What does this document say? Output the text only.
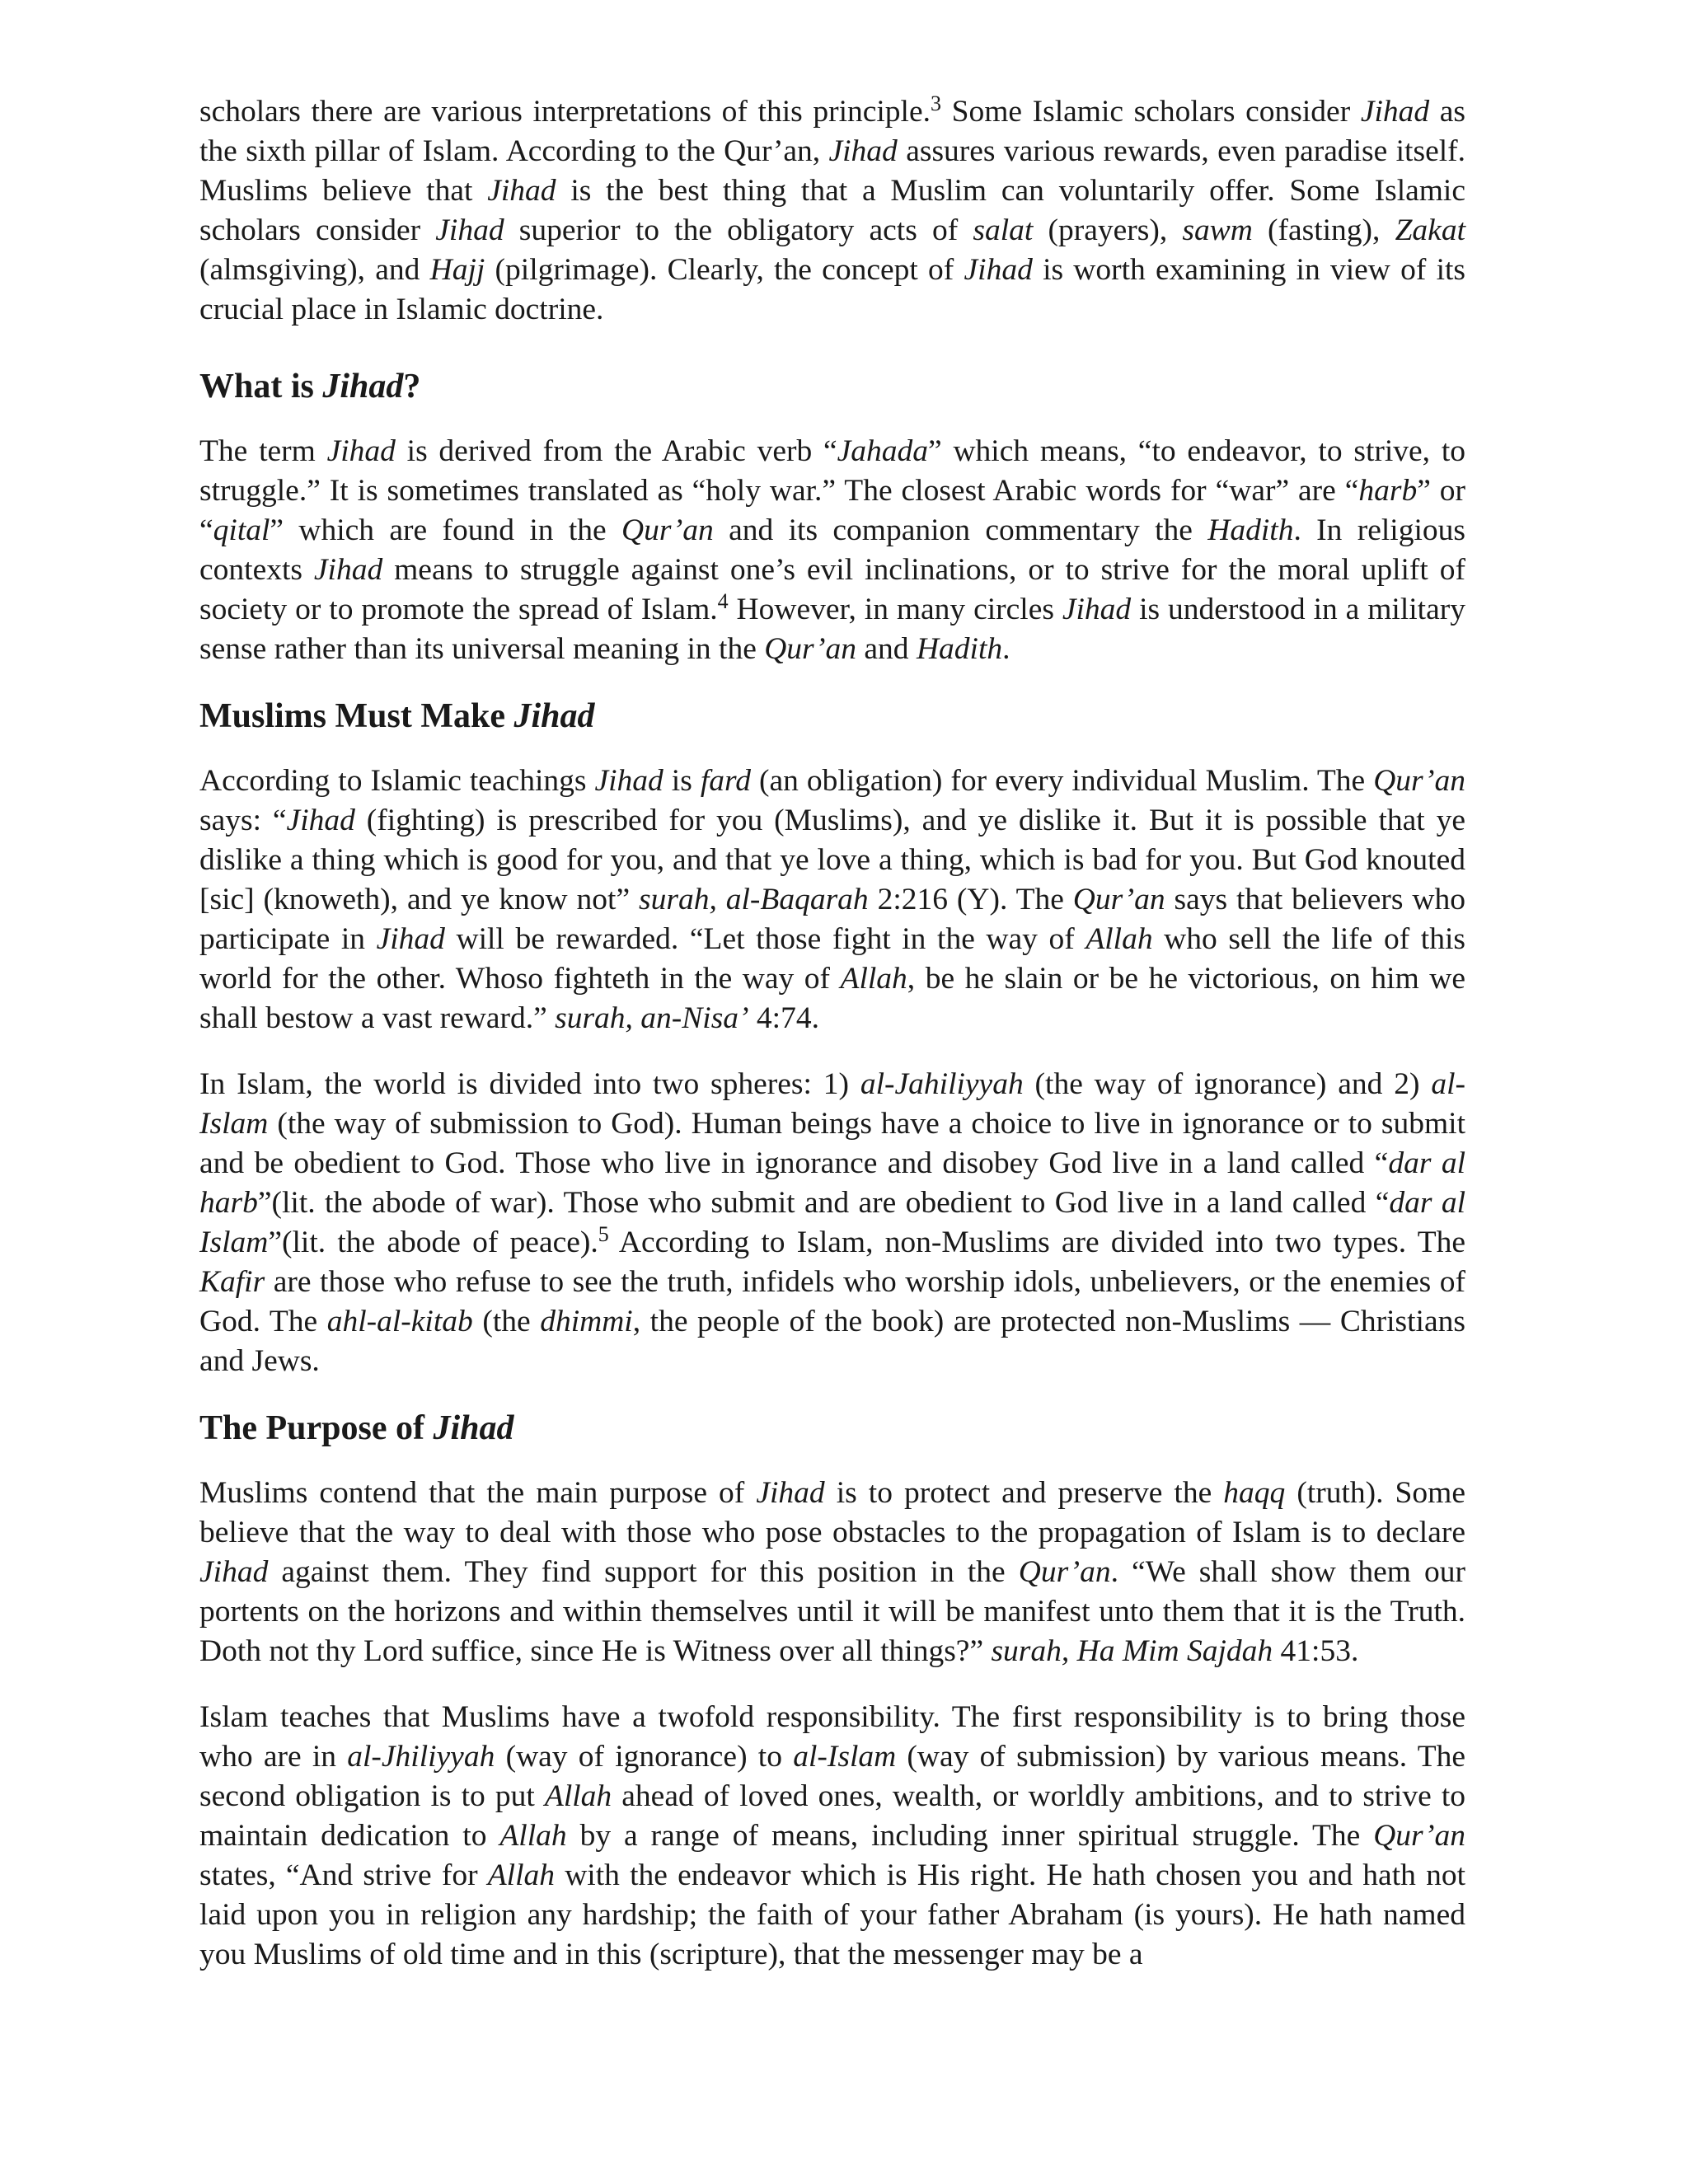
scholars there are various interpretations of this principle.$^3$ Some Islamic scholars consider Jihad as the sixth pillar of Islam. According to the Qur’an, Jihad assures various rewards, even paradise itself. Muslims believe that Jihad is the best thing that a Muslim can voluntarily offer. Some Islamic scholars consider Jihad superior to the obligatory acts of salat (prayers), sawm (fasting), Zakat (almsgiving), and Hajj (pilgrimage). Clearly, the concept of Jihad is worth examining in view of its crucial place in Islamic doctrine.

What is Jihad?

The term Jihad is derived from the Arabic verb “Jahada” which means, “to endeavor, to strive, to struggle.” It is sometimes translated as “holy war.” The closest Arabic words for “war” are “harb” or “qital” which are found in the Qur’an and its companion commentary the Hadith. In religious contexts Jihad means to struggle against one’s evil inclinations, or to strive for the moral uplift of society or to promote the spread of Islam.$^4$ However, in many circles Jihad is understood in a military sense rather than its universal meaning in the Qur’an and Hadith.

Muslims Must Make Jihad

According to Islamic teachings Jihad is fard (an obligation) for every individual Muslim. The Qur’an says: “Jihad (fighting) is prescribed for you (Muslims), and ye dislike it. But it is possible that ye dislike a thing which is good for you, and that ye love a thing, which is bad for you. But God knouted [sic] (knoweth), and ye know not” surah, al-Baqarah 2:216 (Y). The Qur’an says that believers who participate in Jihad will be rewarded. “Let those fight in the way of Allah who sell the life of this world for the other. Whoso fighteth in the way of Allah, be he slain or be he victorious, on him we shall bestow a vast reward.” surah, an-Nisa’ 4:74.

In Islam, the world is divided into two spheres: 1) al-Jahiliyyah (the way of ignorance) and 2) al-Islam (the way of submission to God). Human beings have a choice to live in ignorance or to submit and be obedient to God. Those who live in ignorance and disobey God live in a land called “dar al harb”(lit. the abode of war). Those who submit and are obedient to God live in a land called “dar al Islam”(lit. the abode of peace).$^5$ According to Islam, non-Muslims are divided into two types. The Kafir are those who refuse to see the truth, infidels who worship idols, unbelievers, or the enemies of God. The ahl-al-kitab (the dhimmi, the people of the book) are protected non-Muslims — Christians and Jews.

The Purpose of Jihad

Muslims contend that the main purpose of Jihad is to protect and preserve the haqq (truth). Some believe that the way to deal with those who pose obstacles to the propagation of Islam is to declare Jihad against them. They find support for this position in the Qur’an. “We shall show them our portents on the horizons and within themselves until it will be manifest unto them that it is the Truth. Doth not thy Lord suffice, since He is Witness over all things?” surah, Ha Mim Sajdah 41:53.

Islam teaches that Muslims have a twofold responsibility. The first responsibility is to bring those who are in al-Jhiliyyah (way of ignorance) to al-Islam (way of submission) by various means. The second obligation is to put Allah ahead of loved ones, wealth, or worldly ambitions, and to strive to maintain dedication to Allah by a range of means, including inner spiritual struggle. The Qur’an states, “And strive for Allah with the endeavor which is His right. He hath chosen you and hath not laid upon you in religion any hardship; the faith of your father Abraham (is yours). He hath named you Muslims of old time and in this (scripture), that the messenger may be a
